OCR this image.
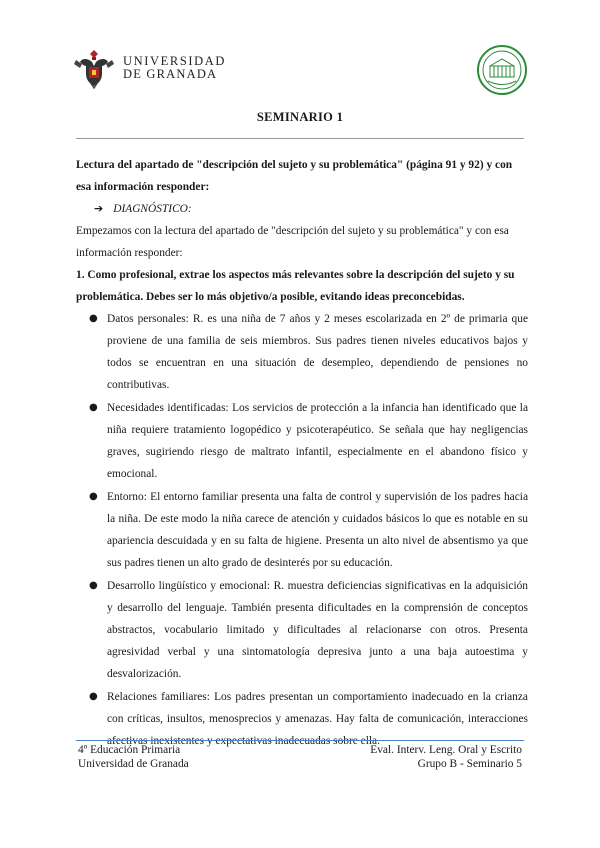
UNIVERSIDAD
DE GRANADA
SEMINARIO 1

Lectura del apartado de "descripción del sujeto y su problemática" (página 91 y 92) y con esa información responder:

➔ DIAGNÓSTICO:

Empezamos con la lectura del apartado de "descripción del sujeto y su problemática" y con esa información responder:

1. Como profesional, extrae los aspectos más relevantes sobre la descripción del sujeto y su problemática. Debes ser lo más objetivo/a posible, evitando ideas preconcebidas.

● Datos personales: R. es una niña de 7 años y 2 meses escolarizada en 2º de primaria que proviene de una familia de seis miembros. Sus padres tienen niveles educativos bajos y todos se encuentran en una situación de desempleo, dependiendo de pensiones no contributivas.
● Necesidades identificadas: Los servicios de protección a la infancia han identificado que la niña requiere tratamiento logopédico y psicoterapéutico. Se señala que hay negligencias graves, sugiriendo riesgo de maltrato infantil, especialmente en el abandono físico y emocional.
● Entorno: El entorno familiar presenta una falta de control y supervisión de los padres hacia la niña. De este modo la niña carece de atención y cuidados básicos lo que es notable en su apariencia descuidada y en su falta de higiene. Presenta un alto nivel de absentismo ya que sus padres tienen un alto grado de desinterés por su educación.
● Desarrollo lingüístico y emocional: R. muestra deficiencias significativas en la adquisición y desarrollo del lenguaje. También presenta dificultades en la comprensión de conceptos abstractos, vocabulario limitado y dificultades al relacionarse con otros. Presenta agresividad verbal y una sintomatología depresiva junto a una baja autoestima y desvalorización.
● Relaciones familiares: Los padres presentan un comportamiento inadecuado en la crianza con críticas, insultos, menosprecios y amenazas. Hay falta de comunicación, interacciones afectivas inexistentes y expectativas inadecuadas sobre ella.
4º Educación Primaria
Universidad de Granada
Eval. Interv. Leng. Oral y Escrito
Grupo B - Seminario 5
